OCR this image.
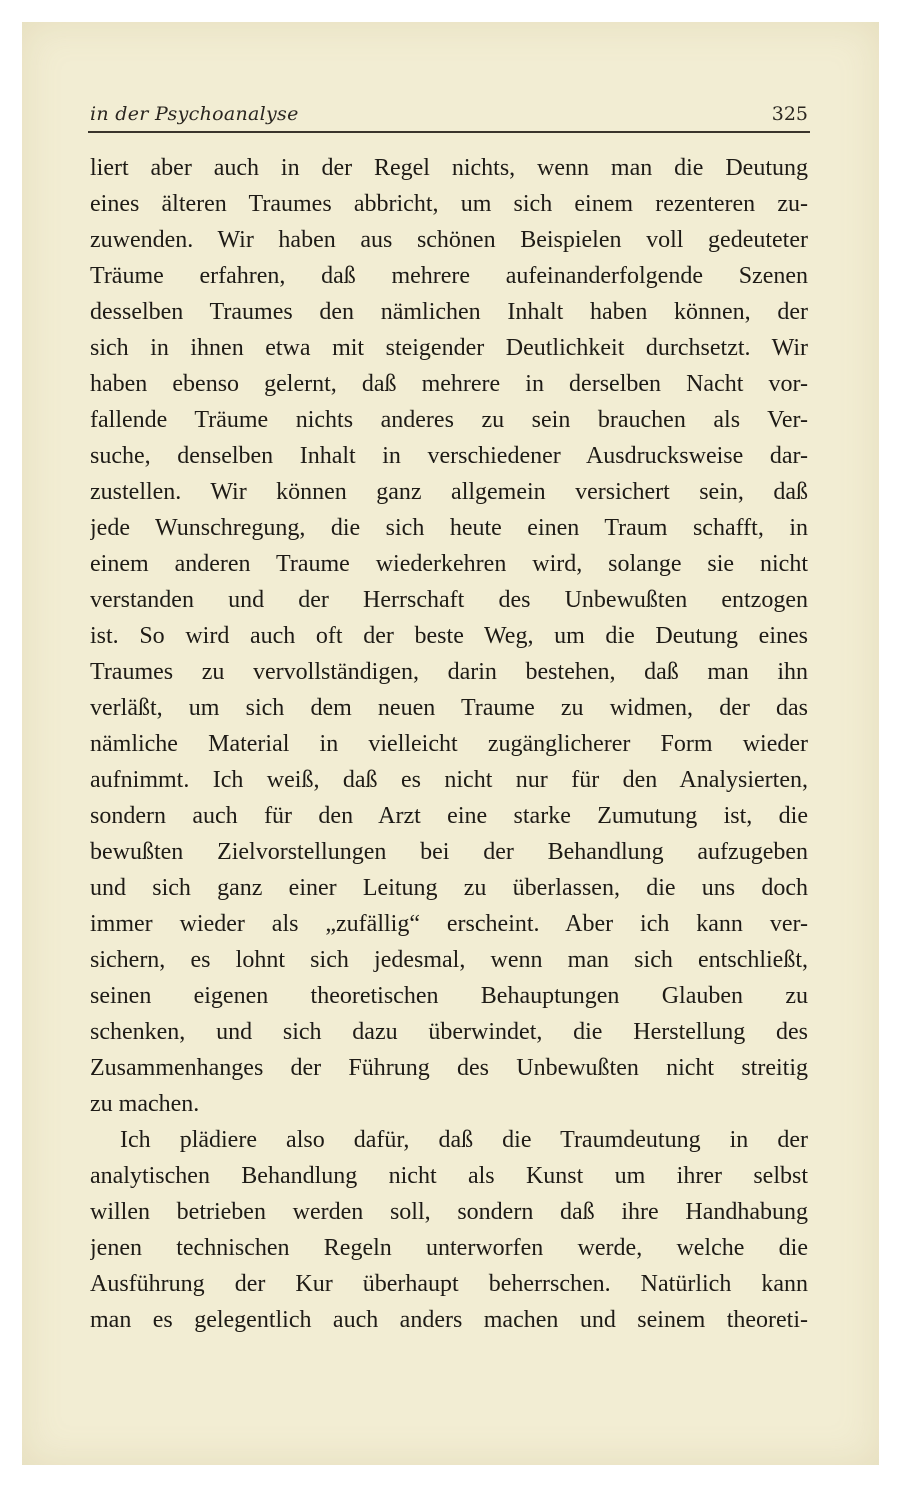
in der Psychoanalyse	325
liert aber auch in der Regel nichts, wenn man die Deutung
eines älteren Traumes abbricht, um sich einem rezenteren zu-
zuwenden. Wir haben aus schönen Beispielen voll gedeuteter
Träume erfahren, daß mehrere aufeinanderfolgende Szenen
desselben Traumes den nämlichen Inhalt haben können, der
sich in ihnen etwa mit steigender Deutlichkeit durchsetzt. Wir
haben ebenso gelernt, daß mehrere in derselben Nacht vor-
fallende Träume nichts anderes zu sein brauchen als Ver-
suche, denselben Inhalt in verschiedener Ausdrucksweise dar-
zustellen. Wir können ganz allgemein versichert sein, daß
jede Wunschregung, die sich heute einen Traum schafft, in
einem anderen Traume wiederkehren wird, solange sie nicht
verstanden und der Herrschaft des Unbewußten entzogen
ist. So wird auch oft der beste Weg, um die Deutung eines
Traumes zu vervollständigen, darin bestehen, daß man ihn
verläßt, um sich dem neuen Traume zu widmen, der das
nämliche Material in vielleicht zugänglicherer Form wieder
aufnimmt. Ich weiß, daß es nicht nur für den Analysierten,
sondern auch für den Arzt eine starke Zumutung ist, die
bewußten Zielvorstellungen bei der Behandlung aufzugeben
und sich ganz einer Leitung zu überlassen, die uns doch
immer wieder als „zufällig“ erscheint. Aber ich kann ver-
sichern, es lohnt sich jedesmal, wenn man sich entschließt,
seinen eigenen theoretischen Behauptungen Glauben zu
schenken, und sich dazu überwindet, die Herstellung des
Zusammenhanges der Führung des Unbewußten nicht streitig
zu machen.
Ich plädiere also dafür, daß die Traumdeutung in der
analytischen Behandlung nicht als Kunst um ihrer selbst
willen betrieben werden soll, sondern daß ihre Handhabung
jenen technischen Regeln unterworfen werde, welche die
Ausführung der Kur überhaupt beherrschen. Natürlich kann
man es gelegentlich auch anders machen und seinem theoreti-
